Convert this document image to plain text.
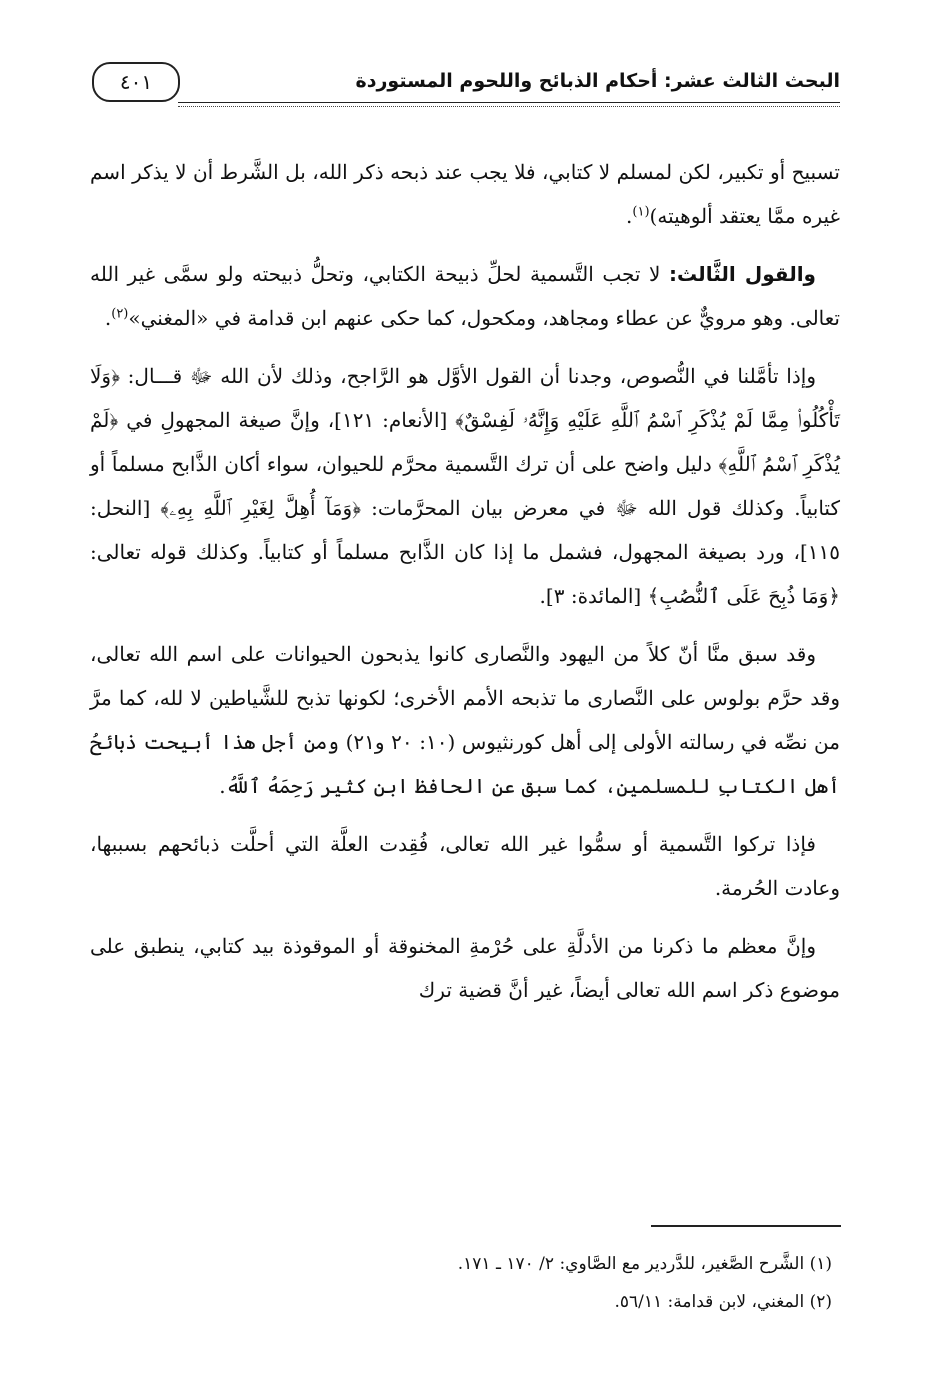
البحث الثالث عشر: أحكام الذبائح واللحوم المستوردة
٤٠١

تسبيح أو تكبير، لكن لمسلم لا كتابي، فلا يجب عند ذبحه ذكر الله، بل الشَّرط أن لا يذكر اسم غيره ممَّا يعتقد ألوهيته)$^{(١)}$.

والقول الثَّالث: لا تجب التَّسمية لحلِّ ذبيحة الكتابي، وتحلُّ ذبيحته ولو سمَّى غير الله تعالى. وهو مرويٌّ عن عطاء ومجاهد، ومكحول، كما حكى عنهم ابن قدامة في «المغني»$^{(٢)}$.

وإذا تأمَّلنا في النُّصوص، وجدنا أن القول الأوَّل هو الرَّاجح، وذلك لأن الله ﷻ قـــال: ﴿وَلَا تَأْكُلُوا۟ مِمَّا لَمْ يُذْكَرِ ٱسْمُ ٱللَّهِ عَلَيْهِ وَإِنَّهُۥ لَفِسْقٌ﴾ [الأنعام: ١٢١]، وإنَّ صيغة المجهولِ في ﴿لَمْ يُذْكَرِ ٱسْمُ ٱللَّهِ﴾ دليل واضح على أن ترك التَّسمية محرَّم للحيوان، سواء أكان الذَّابح مسلماً أو كتابياً. وكذلك قول الله ﷻ في معرض بيان المحرَّمات: ﴿وَمَآ أُهِلَّ لِغَيْرِ ٱللَّهِ بِهِۦ﴾ [النحل: ١١٥]، ورد بصيغة المجهول، فشمل ما إذا كان الذَّابح مسلماً أو كتابياً. وكذلك قوله تعالى: ﴿وَمَا ذُبِحَ عَلَى ٱلنُّصُبِ﴾ [المائدة: ٣].

وقد سبق منَّا أنّ كلاً من اليهود والنَّصارى كانوا يذبحون الحيوانات على اسم الله تعالى، وقد حرَّم بولوس على النَّصارى ما تذبحه الأمم الأخرى؛ لكونها تذبح للشَّياطين لا لله، كما مرَّ من نصِّه في رسالته الأولى إلى أهل كورنثيوس (١٠: ٢٠ و٢١) ومن أجل هذا أبيحت ذبائحُ أهل الكتابِ للمسلمين، كما سبق عن الحافظ ابن كثير رَحِمَهُ ٱللَّهُ.

فإذا تركوا التَّسمية أو سمُّوا غير الله تعالى، فُقِدت العلَّة التي أحلَّت ذبائحهم بسببها، وعادت الحُرمة.

وإنَّ معظم ما ذكرنا من الأدلَّةِ على حُرْمةِ المخنوقة أو الموقوذة بيد كتابي، ينطبق على موضوع ذكر اسم الله تعالى أيضاً، غير أنَّ قضية ترك

(١) الشَّرح الصَّغير، للدَّردير مع الصَّاوي: ٢/ ١٧٠ ـ ١٧١.

(٢) المغني، لابن قدامة: ٥٦/١١.
